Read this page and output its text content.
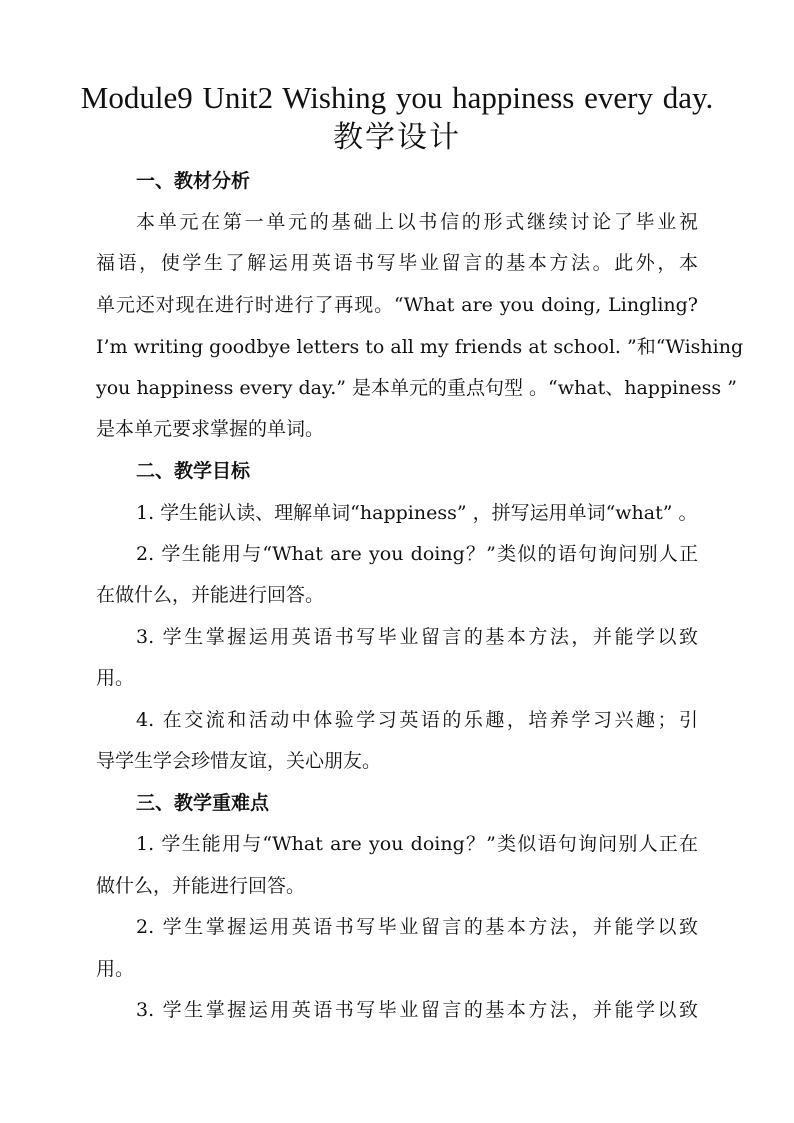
Module9 Unit2 Wishing you happiness every day.
教学设计
一、教材分析
本单元在第一单元的基础上以书信的形式继续讨论了毕业祝
福语，使学生了解运用英语书写毕业留言的基本方法。此外，本
单元还对现在进行时进行了再现。“What are you doing, Lingling?
I’m writing goodbye letters to all my friends at school. ”和“Wishing
you happiness every day.” 是本单元的重点句型 。“what、happiness ”
是本单元要求掌握的单词。
二、教学目标
1. 学生能认读、理解单词“happiness” ，拼写运用单词“what” 。
2. 学生能用与“What are you doing？”类似的语句询问别人正
在做什么，并能进行回答。
3. 学生掌握运用英语书写毕业留言的基本方法，并能学以致
用。
4. 在交流和活动中体验学习英语的乐趣，培养学习兴趣；引
导学生学会珍惜友谊，关心朋友。
三、教学重难点
1. 学生能用与“What are you doing？”类似语句询问别人正在
做什么，并能进行回答。
2. 学生掌握运用英语书写毕业留言的基本方法，并能学以致
用。
3. 学生掌握运用英语书写毕业留言的基本方法，并能学以致
